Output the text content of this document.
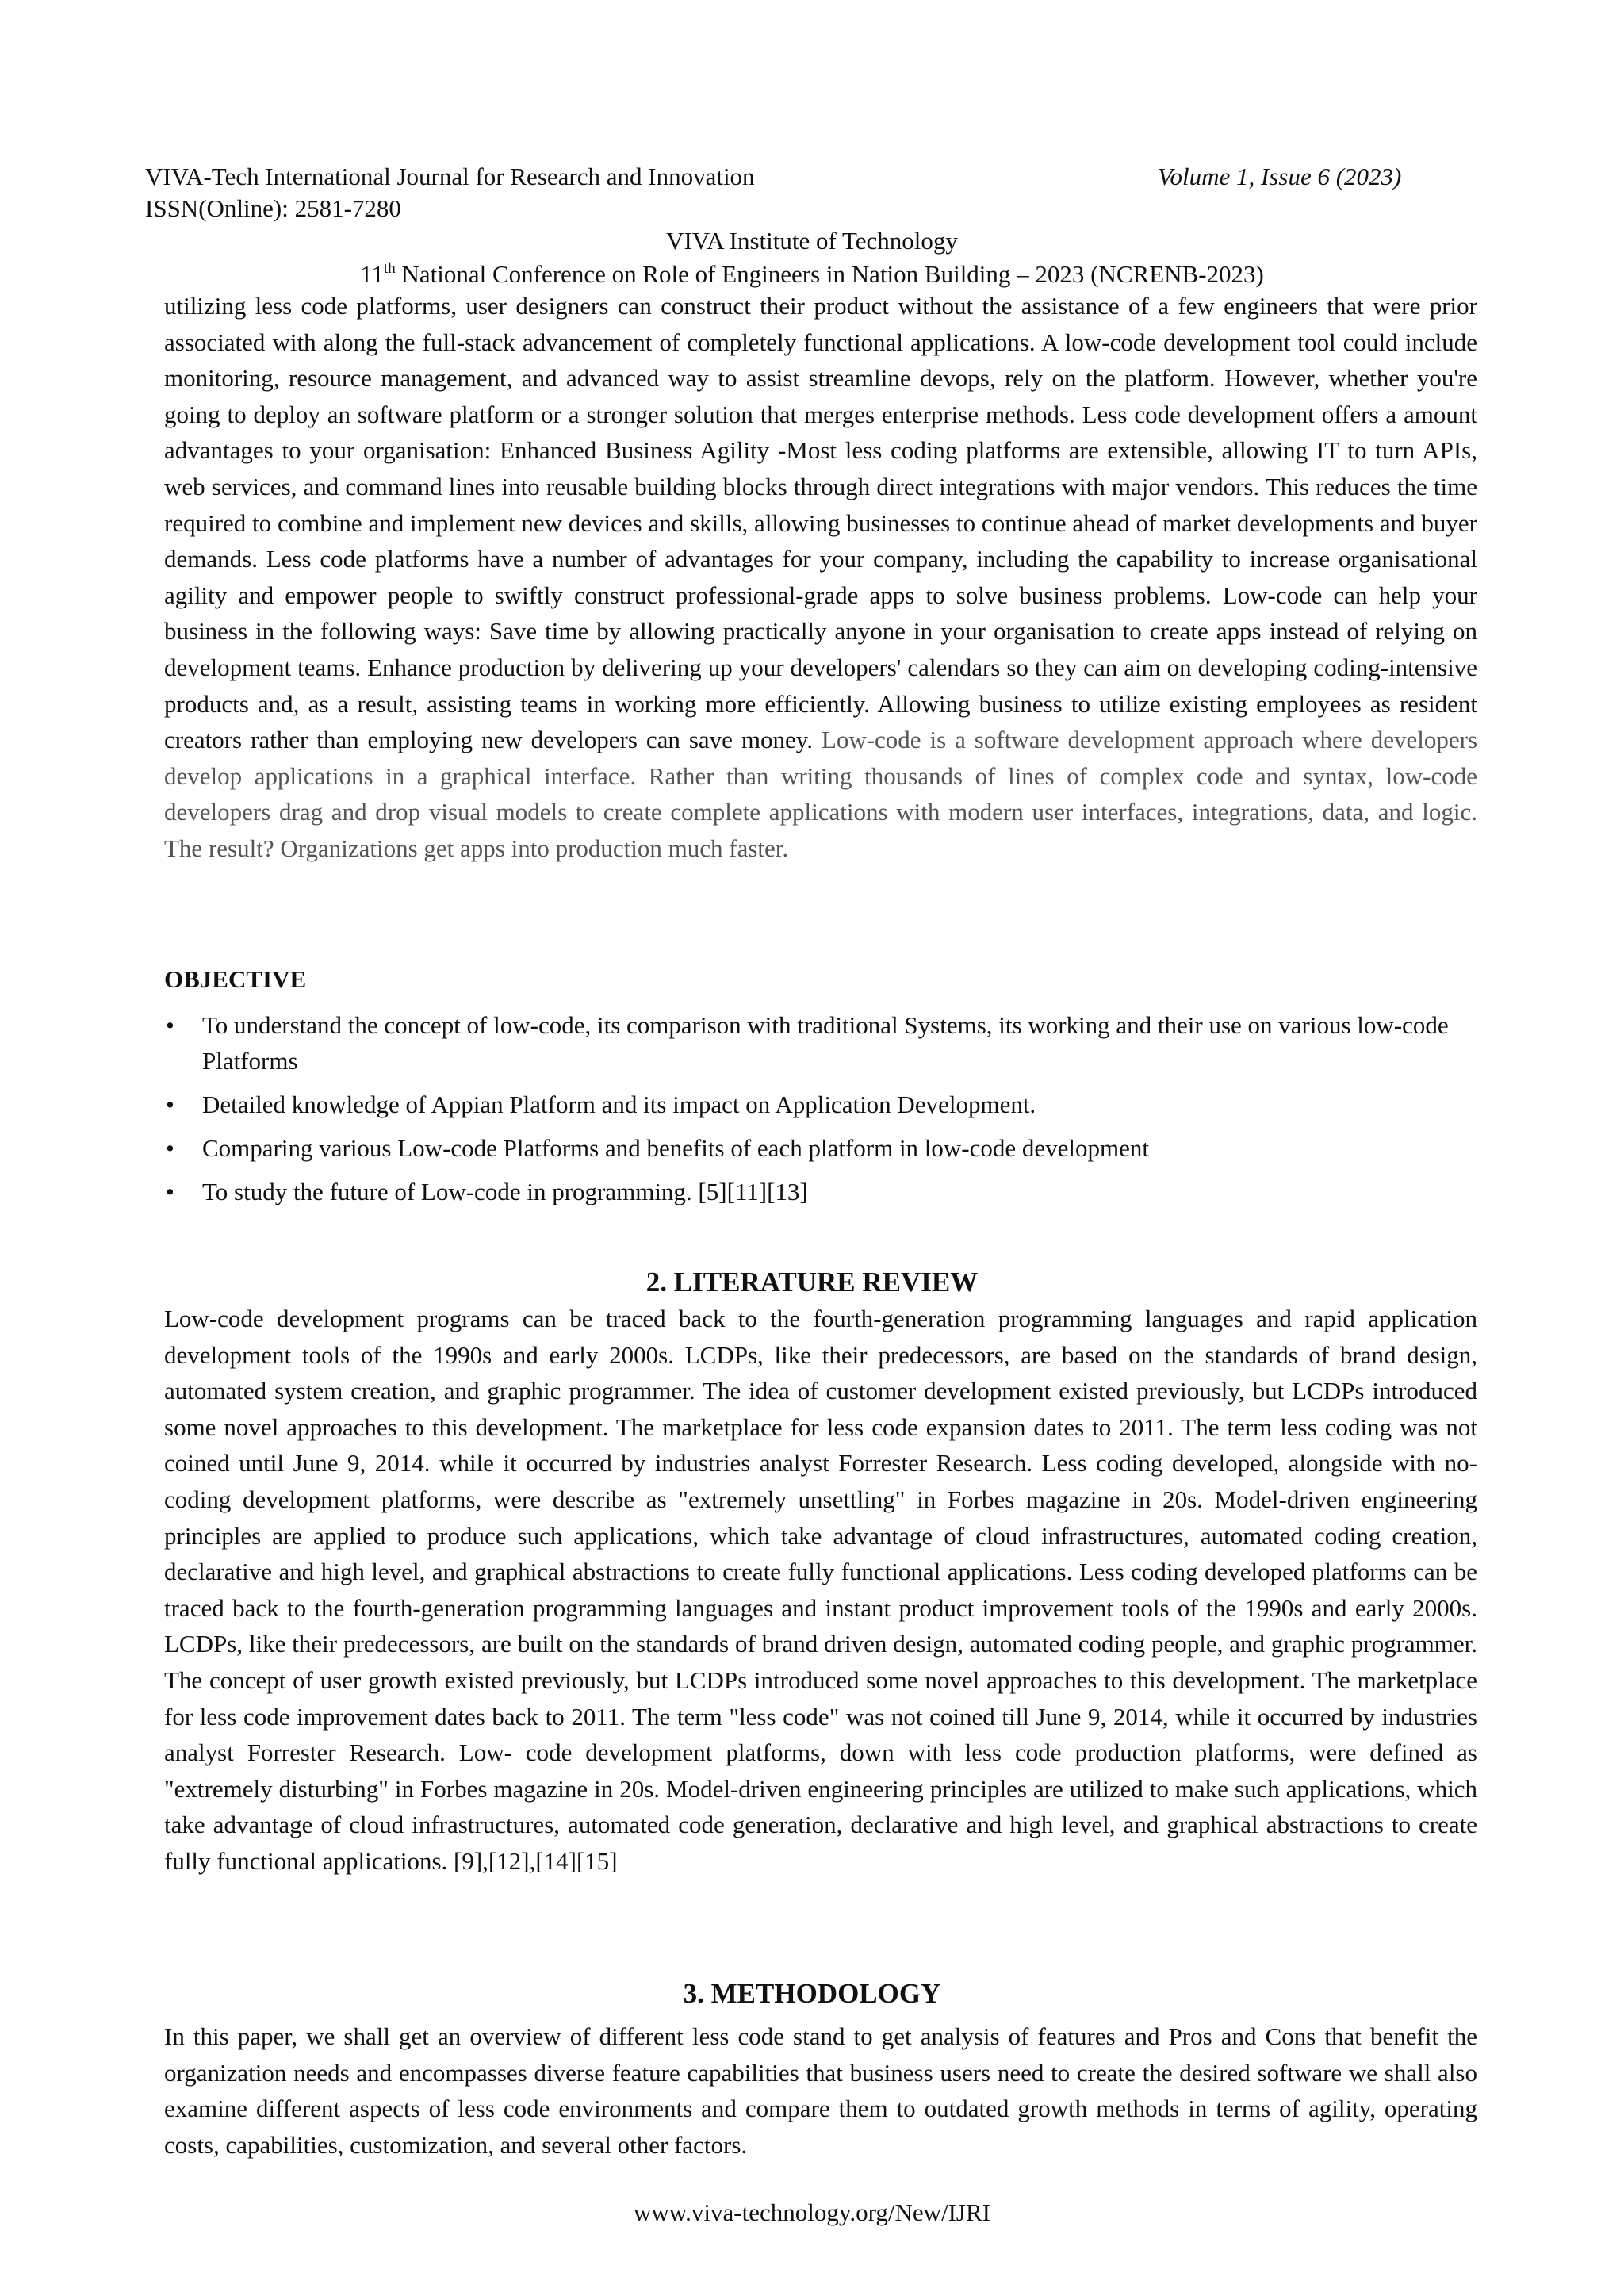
VIVA-Tech International Journal for Research and Innovation
ISSN(Online): 2581-7280
Volume 1, Issue 6 (2023)
VIVA Institute of Technology
11th National Conference on Role of Engineers in Nation Building – 2023 (NCRENB-2023)

utilizing less code platforms, user designers can construct their product without the assistance of a few engineers that were prior associated with along the full-stack advancement of completely functional applications. A low-code development tool could include monitoring, resource management, and advanced way to assist streamline devops, rely on the platform. However, whether you're going to deploy an software platform or a stronger solution that merges enterprise methods. Less code development offers a amount advantages to your organisation: Enhanced Business Agility -Most less coding platforms are extensible, allowing IT to turn APIs, web services, and command lines into reusable building blocks through direct integrations with major vendors. This reduces the time required to combine and implement new devices and skills, allowing businesses to continue ahead of market developments and buyer demands. Less code platforms have a number of advantages for your company, including the capability to increase organisational agility and empower people to swiftly construct professional-grade apps to solve business problems. Low-code can help your business in the following ways: Save time by allowing practically anyone in your organisation to create apps instead of relying on development teams. Enhance production by delivering up your developers' calendars so they can aim on developing coding-intensive products and, as a result, assisting teams in working more efficiently. Allowing business to utilize existing employees as resident creators rather than employing new developers can save money. Low-code is a software development approach where developers develop applications in a graphical interface. Rather than writing thousands of lines of complex code and syntax, low-code developers drag and drop visual models to create complete applications with modern user interfaces, integrations, data, and logic. The result? Organizations get apps into production much faster.

OBJECTIVE
• To understand the concept of low-code, its comparison with traditional Systems, its working and their use on various low-code Platforms
• Detailed knowledge of Appian Platform and its impact on Application Development.
• Comparing various Low-code Platforms and benefits of each platform in low-code development
• To study the future of Low-code in programming. [5][11][13]
2. LITERATURE REVIEW

Low-code development programs can be traced back to the fourth-generation programming languages and rapid application development tools of the 1990s and early 2000s. LCDPs, like their predecessors, are based on the standards of brand design, automated system creation, and graphic programmer. The idea of customer development existed previously, but LCDPs introduced some novel approaches to this development. The marketplace for less code expansion dates to 2011. The term less coding was not coined until June 9, 2014. while it occurred by industries analyst Forrester Research. Less coding developed, alongside with no-coding development platforms, were describe as "extremely unsettling" in Forbes magazine in 20s. Model-driven engineering principles are applied to produce such applications, which take advantage of cloud infrastructures, automated coding creation, declarative and high level, and graphical abstractions to create fully functional applications. Less coding developed platforms can be traced back to the fourth-generation programming languages and instant product improvement tools of the 1990s and early 2000s. LCDPs, like their predecessors, are built on the standards of brand driven design, automated coding people, and graphic programmer. The concept of user growth existed previously, but LCDPs introduced some novel approaches to this development. The marketplace for less code improvement dates back to 2011. The term "less code" was not coined till June 9, 2014, while it occurred by industries analyst Forrester Research. Low- code development platforms, down with less code production platforms, were defined as "extremely disturbing" in Forbes magazine in 20s. Model-driven engineering principles are utilized to make such applications, which take advantage of cloud infrastructures, automated code generation, declarative and high level, and graphical abstractions to create fully functional applications. [9],[12],[14][15]

3. METHODOLOGY

In this paper, we shall get an overview of different less code stand to get analysis of features and Pros and Cons that benefit the organization needs and encompasses diverse feature capabilities that business users need to create the desired software we shall also examine different aspects of less code environments and compare them to outdated growth methods in terms of agility, operating costs, capabilities, customization, and several other factors.

www.viva-technology.org/New/IJRI
